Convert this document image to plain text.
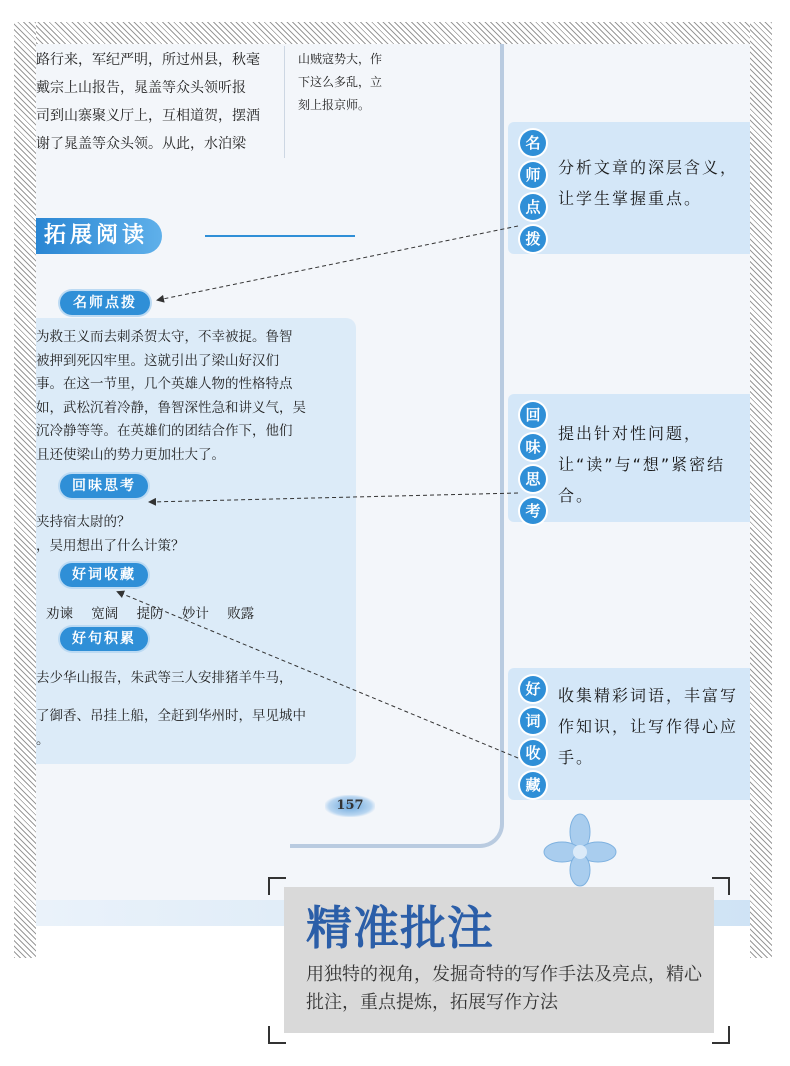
路行来，军纪严明，所过州县，秋毫
戴宗上山报告，晁盖等众头领听报
司到山寨聚义厅上，互相道贺，摆酒
谢了晁盖等众头领。从此，水泊梁
山贼寇势大，作
下这么多乱，立
刻上报京师。
拓展阅读
名师点拨
为救王义而去刺杀贺太守，不幸被捉。鲁智
被押到死囚牢里。这就引出了梁山好汉们
事。在这一节里，几个英雄人物的性格特点
如，武松沉着冷静，鲁智深性急和讲义气，吴
沉冷静等等。在英雄们的团结合作下，他们
且还使梁山的势力更加壮大了。
回味思考
夹持宿太尉的？
，吴用想出了什么计策？
好词收藏
劝谏 宽阔 提防 妙计 败露
好句积累
去少华山报告，朱武等三人安排猪羊牛马，
了御香、吊挂上船，全赶到华州时，早见城中
。
157
名
师
点
拨
分析文章的深层含义，让学生掌握重点。
回
味
思
考
提出针对性问题，让“读”与“想”紧密结合。
好
词
收
藏
收集精彩词语，丰富写作知识，让写作得心应手。
精准批注
用独特的视角，发掘奇特的写作手法及亮点，精心批注，重点提炼，拓展写作方法
